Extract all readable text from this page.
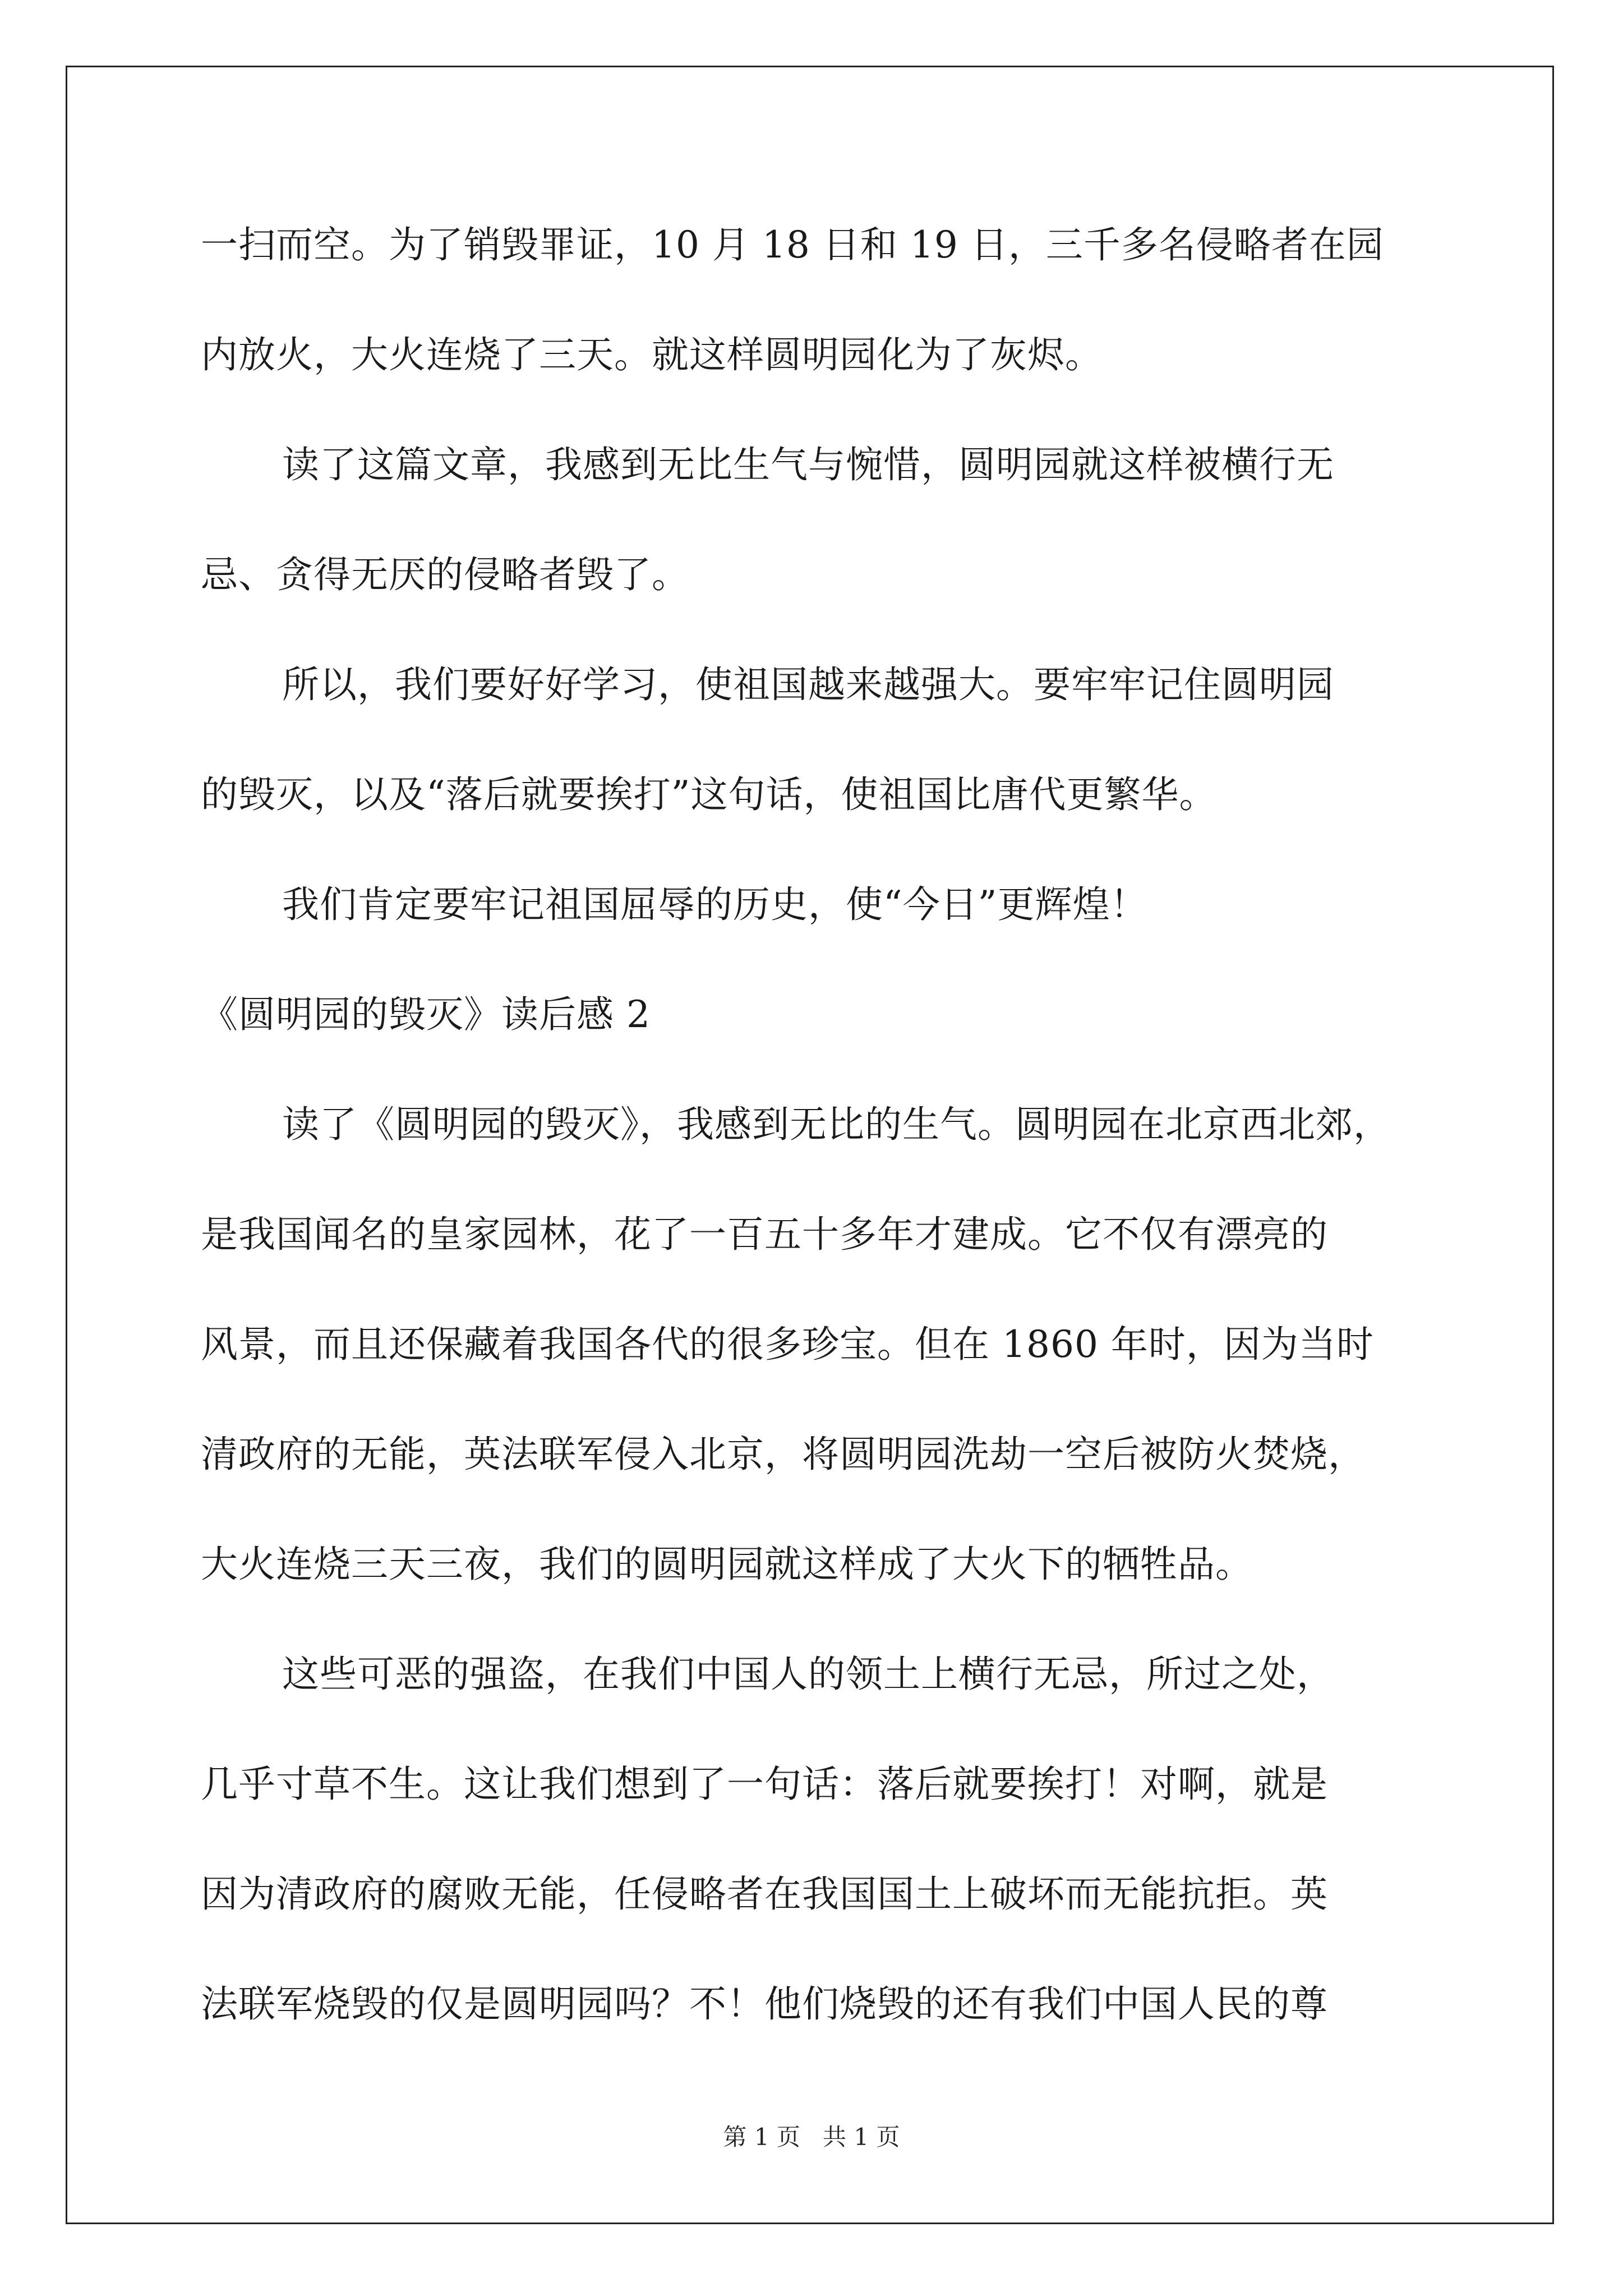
一扫而空。为了销毁罪证，10 月 18 日和 19 日，三千多名侵略者在园
内放火，大火连烧了三天。就这样圆明园化为了灰烬。
读了这篇文章，我感到无比生气与惋惜，圆明园就这样被横行无
忌、贪得无厌的侵略者毁了。
所以，我们要好好学习，使祖国越来越强大。要牢牢记住圆明园
的毁灭，以及“落后就要挨打”这句话，使祖国比唐代更繁华。
我们肯定要牢记祖国屈辱的历史，使“今日”更辉煌！
《圆明园的毁灭》读后感 2
读了《圆明园的毁灭》，我感到无比的生气。圆明园在北京西北郊，
是我国闻名的皇家园林，花了一百五十多年才建成。它不仅有漂亮的
风景，而且还保藏着我国各代的很多珍宝。但在 1860 年时，因为当时
清政府的无能，英法联军侵入北京，将圆明园洗劫一空后被防火焚烧，
大火连烧三天三夜，我们的圆明园就这样成了大火下的牺牲品。
这些可恶的强盗，在我们中国人的领土上横行无忌，所过之处，
几乎寸草不生。这让我们想到了一句话：落后就要挨打！对啊，就是
因为清政府的腐败无能，任侵略者在我国国土上破坏而无能抗拒。英
法联军烧毁的仅是圆明园吗？不！他们烧毁的还有我们中国人民的尊
第 1 页   共 1 页
